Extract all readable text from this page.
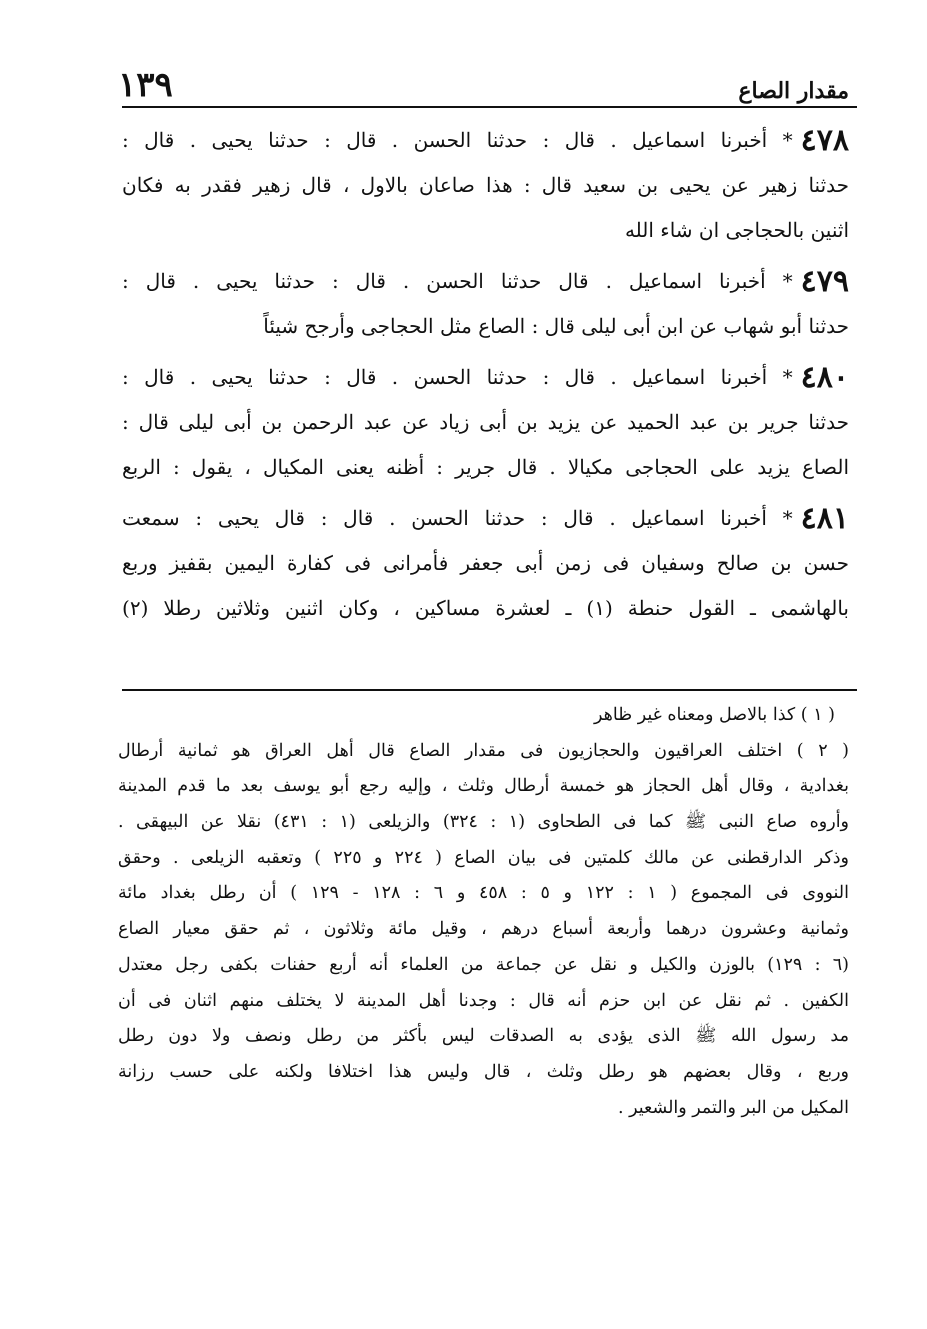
١٣٩	مقدار الصاع
٤٧٨* أخبرنا اسماعيل . قال : حدثنا الحسن . قال : حدثنا يحيى . قال :
حدثنا زهير عن يحيى بن سعيد قال : هذا صاعان بالاول ، قال زهير فقدر به فكان
اثنين بالحجاجى ان شاء الله
٤٧٩* أخبرنا اسماعيل . قال حدثنا الحسن . قال : حدثنا يحيى . قال :
حدثنا أبو شهاب عن ابن أبى ليلى قال : الصاع مثل الحجاجى وأرجح شيئاً
٤٨٠* أخبرنا اسماعيل . قال : حدثنا الحسن . قال : حدثنا يحيى . قال :
حدثنا جرير بن عبد الحميد عن يزيد بن أبى زياد عن عبد الرحمن بن أبى ليلى قال :
الصاع يزيد على الحجاجى مكيالا . قال جرير : أظنه يعنى المكيال ، يقول : الربع
٤٨١* أخبرنا اسماعيل . قال : حدثنا الحسن . قال : قال يحيى : سمعت
حسن بن صالح وسفيان فى زمن أبى جعفر فأمرانى فى كفارة اليمين بقفيز وربع
بالهاشمى ـ القول حنطة (١) ـ لعشرة مساكين ، وكان اثنين وثلاثين رطلا (٢)
( ١ ) كذا بالاصل ومعناه غير ظاهر
( ٢ ) اختلف العراقيون والحجازيون فى مقدار الصاع قال أهل العراق هو ثمانية أرطال
بغدادية ، وقال أهل الحجاز هو خمسة أرطال وثلث ، وإليه رجع أبو يوسف بعد ما قدم المدينة
وأروه صاع النبى ﷺ كما فى الطحاوى (١ : ٣٢٤) والزيلعى (١ : ٤٣١) نقلا عن البيهقى .
وذكر الدارقطنى عن مالك كلمتين فى بيان الصاع ( ٢٢٤ و ٢٢٥ ) وتعقبه الزيلعى . وحقق
النووى فى المجموع ( ١ : ١٢٢ و ٥ : ٤٥٨ و ٦ : ١٢٨ - ١٢٩ ) أن رطل بغداد مائة
وثمانية وعشرون درهما وأربعة أسباع درهم ، وقيل مائة وثلاثون ، ثم حقق معيار الصاع
(٦ : ١٢٩) بالوزن والكيل و نقل عن جماعة من العلماء أنه أربع حفنات بكفى رجل معتدل
الكفين . ثم نقل عن ابن حزم أنه قال : وجدنا أهل المدينة لا يختلف منهم اثنان فى أن
مد رسول الله ﷺ الذى يؤدى به الصدقات ليس بأكثر من رطل ونصف ولا دون رطل
وربع ، وقال بعضهم هو رطل وثلث ، قال وليس هذا اختلافا ولكنه على حسب رزانة
المكيل من البر والتمر والشعير .
